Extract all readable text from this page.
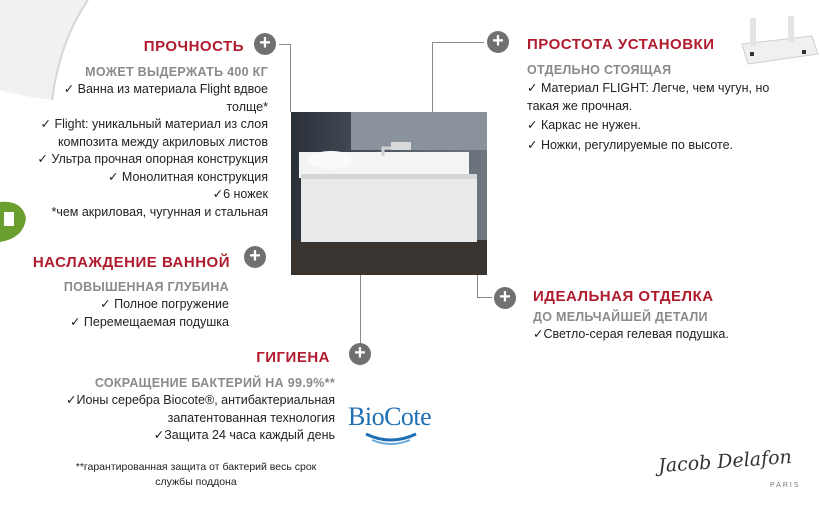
+	+
+
+
+
ПРОЧНОСТЬ
МОЖЕТ ВЫДЕРЖАТЬ 400 КГ
✓ Ванна из материала Flight вдвое
толще*
✓ Flight: уникальный материал из слоя
композита между акриловых листов
✓ Ультра прочная опорная конструкция
✓ Монолитная конструкция
✓6 ножек
*чем акриловая, чугунная и стальная
НАСЛАЖДЕНИЕ ВАННОЙ
ПОВЫШЕННАЯ ГЛУБИНА
✓ Полное погружение
✓ Перемещаемая подушка
ГИГИЕНА
СОКРАЩЕНИЕ БАКТЕРИЙ НА 99.9%**
✓Ионы серебра Biocote®, антибактериальная
запатентованная технология
✓Защита 24 часа каждый день
**гарантированная защита от бактерий весь срок
службы поддона
BioCote
ПРОСТОТА УСТАНОВКИ
ОТДЕЛЬНО СТОЯЩАЯ
✓ Материал FLIGHT: Легче, чем чугун, но
такая же прочная.
✓ Каркас не нужен.
✓ Ножки, регулируемые по высоте.
ИДЕАЛЬНАЯ ОТДЕЛКА
ДО МЕЛЬЧАЙШЕЙ ДЕТАЛИ
✓Светло-серая гелевая подушка.
Jacob Delafon
PARIS
